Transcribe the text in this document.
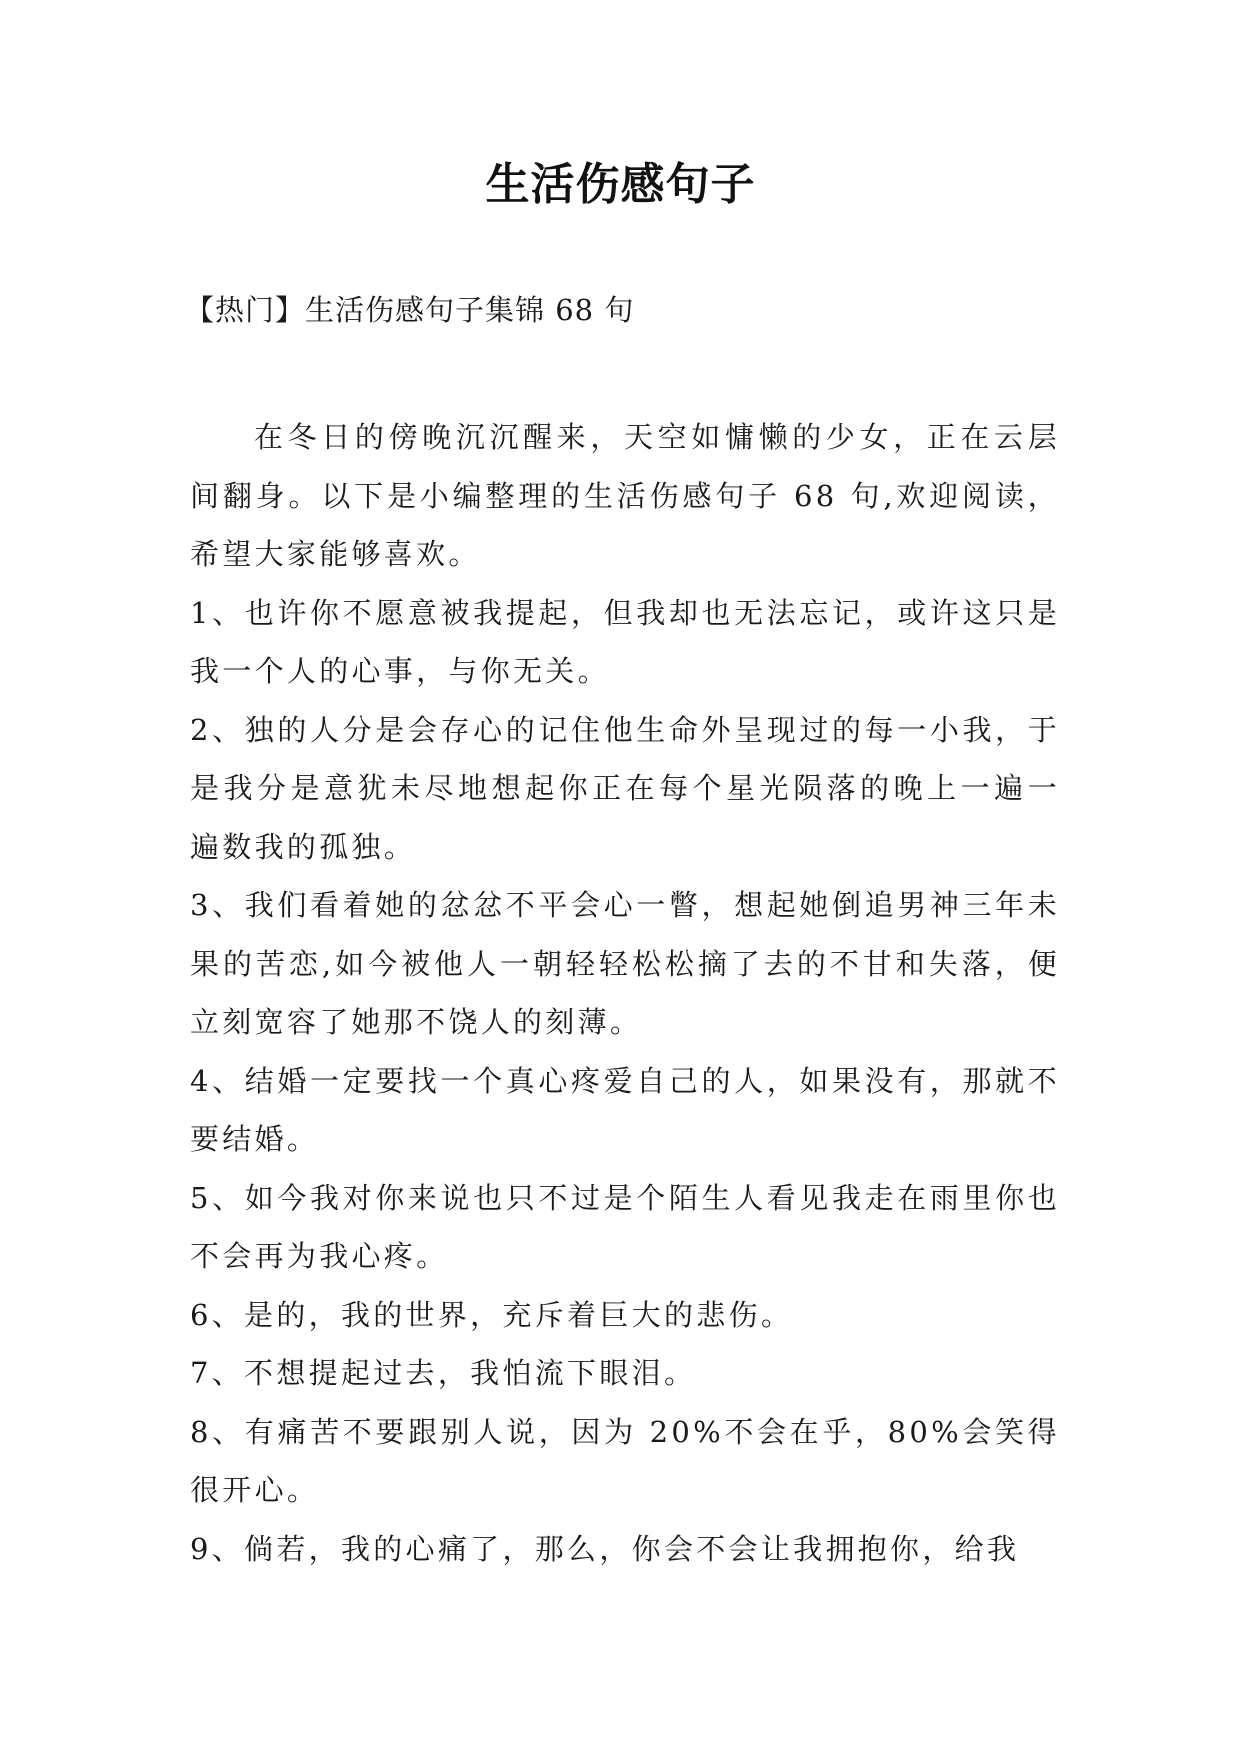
生活伤感句子
【热门】生活伤感句子集锦 68 句

在冬日的傍晚沉沉醒来，天空如慵懒的少女，正在云层间翻身。以下是小编整理的生活伤感句子 68 句,欢迎阅读，希望大家能够喜欢。

1、也许你不愿意被我提起，但我却也无法忘记，或许这只是我一个人的心事，与你无关。

2、独的人分是会存心的记住他生命外呈现过的每一小我，于是我分是意犹未尽地想起你正在每个星光陨落的晚上一遍一遍数我的孤独。

3、我们看着她的忿忿不平会心一瞥，想起她倒追男神三年未果的苦恋,如今被他人一朝轻轻松松摘了去的不甘和失落，便立刻宽容了她那不饶人的刻薄。

4、结婚一定要找一个真心疼爱自己的人，如果没有，那就不要结婚。

5、如今我对你来说也只不过是个陌生人看见我走在雨里你也不会再为我心疼。

6、是的，我的世界，充斥着巨大的悲伤。

7、不想提起过去，我怕流下眼泪。

8、有痛苦不要跟别人说，因为 20%不会在乎，80%会笑得很开心。

9、倘若，我的心痛了，那么，你会不会让我拥抱你，给我
